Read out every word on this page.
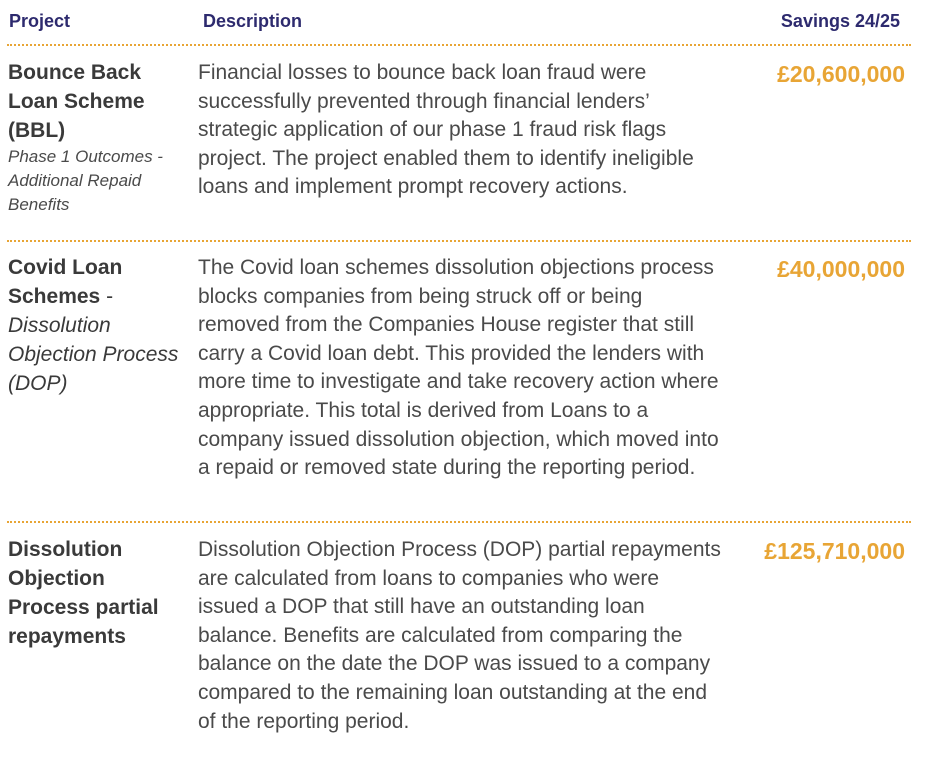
Project	Description	Savings 24/25
Bounce Back Loan Scheme (BBL)
Phase 1 Outcomes - Additional Repaid Benefits
Financial losses to bounce back loan fraud were successfully prevented through financial lenders’ strategic application of our phase 1 fraud risk flags project. The project enabled them to identify ineligible loans and implement prompt recovery actions.
£20,600,000
Covid Loan Schemes - Dissolution Objection Process (DOP)
The Covid loan schemes dissolution objections process blocks companies from being struck off or being removed from the Companies House register that still carry a Covid loan debt. This provided the lenders with more time to investigate and take recovery action where appropriate. This total is derived from Loans to a company issued dissolution objection, which moved into a repaid or removed state during the reporting period.
£40,000,000
Dissolution Objection Process partial repayments
Dissolution Objection Process (DOP) partial repayments are calculated from loans to companies who were issued a DOP that still have an outstanding loan balance. Benefits are calculated from comparing the balance on the date the DOP was issued to a company compared to the remaining loan outstanding at the end of the reporting period.
£125,710,000
